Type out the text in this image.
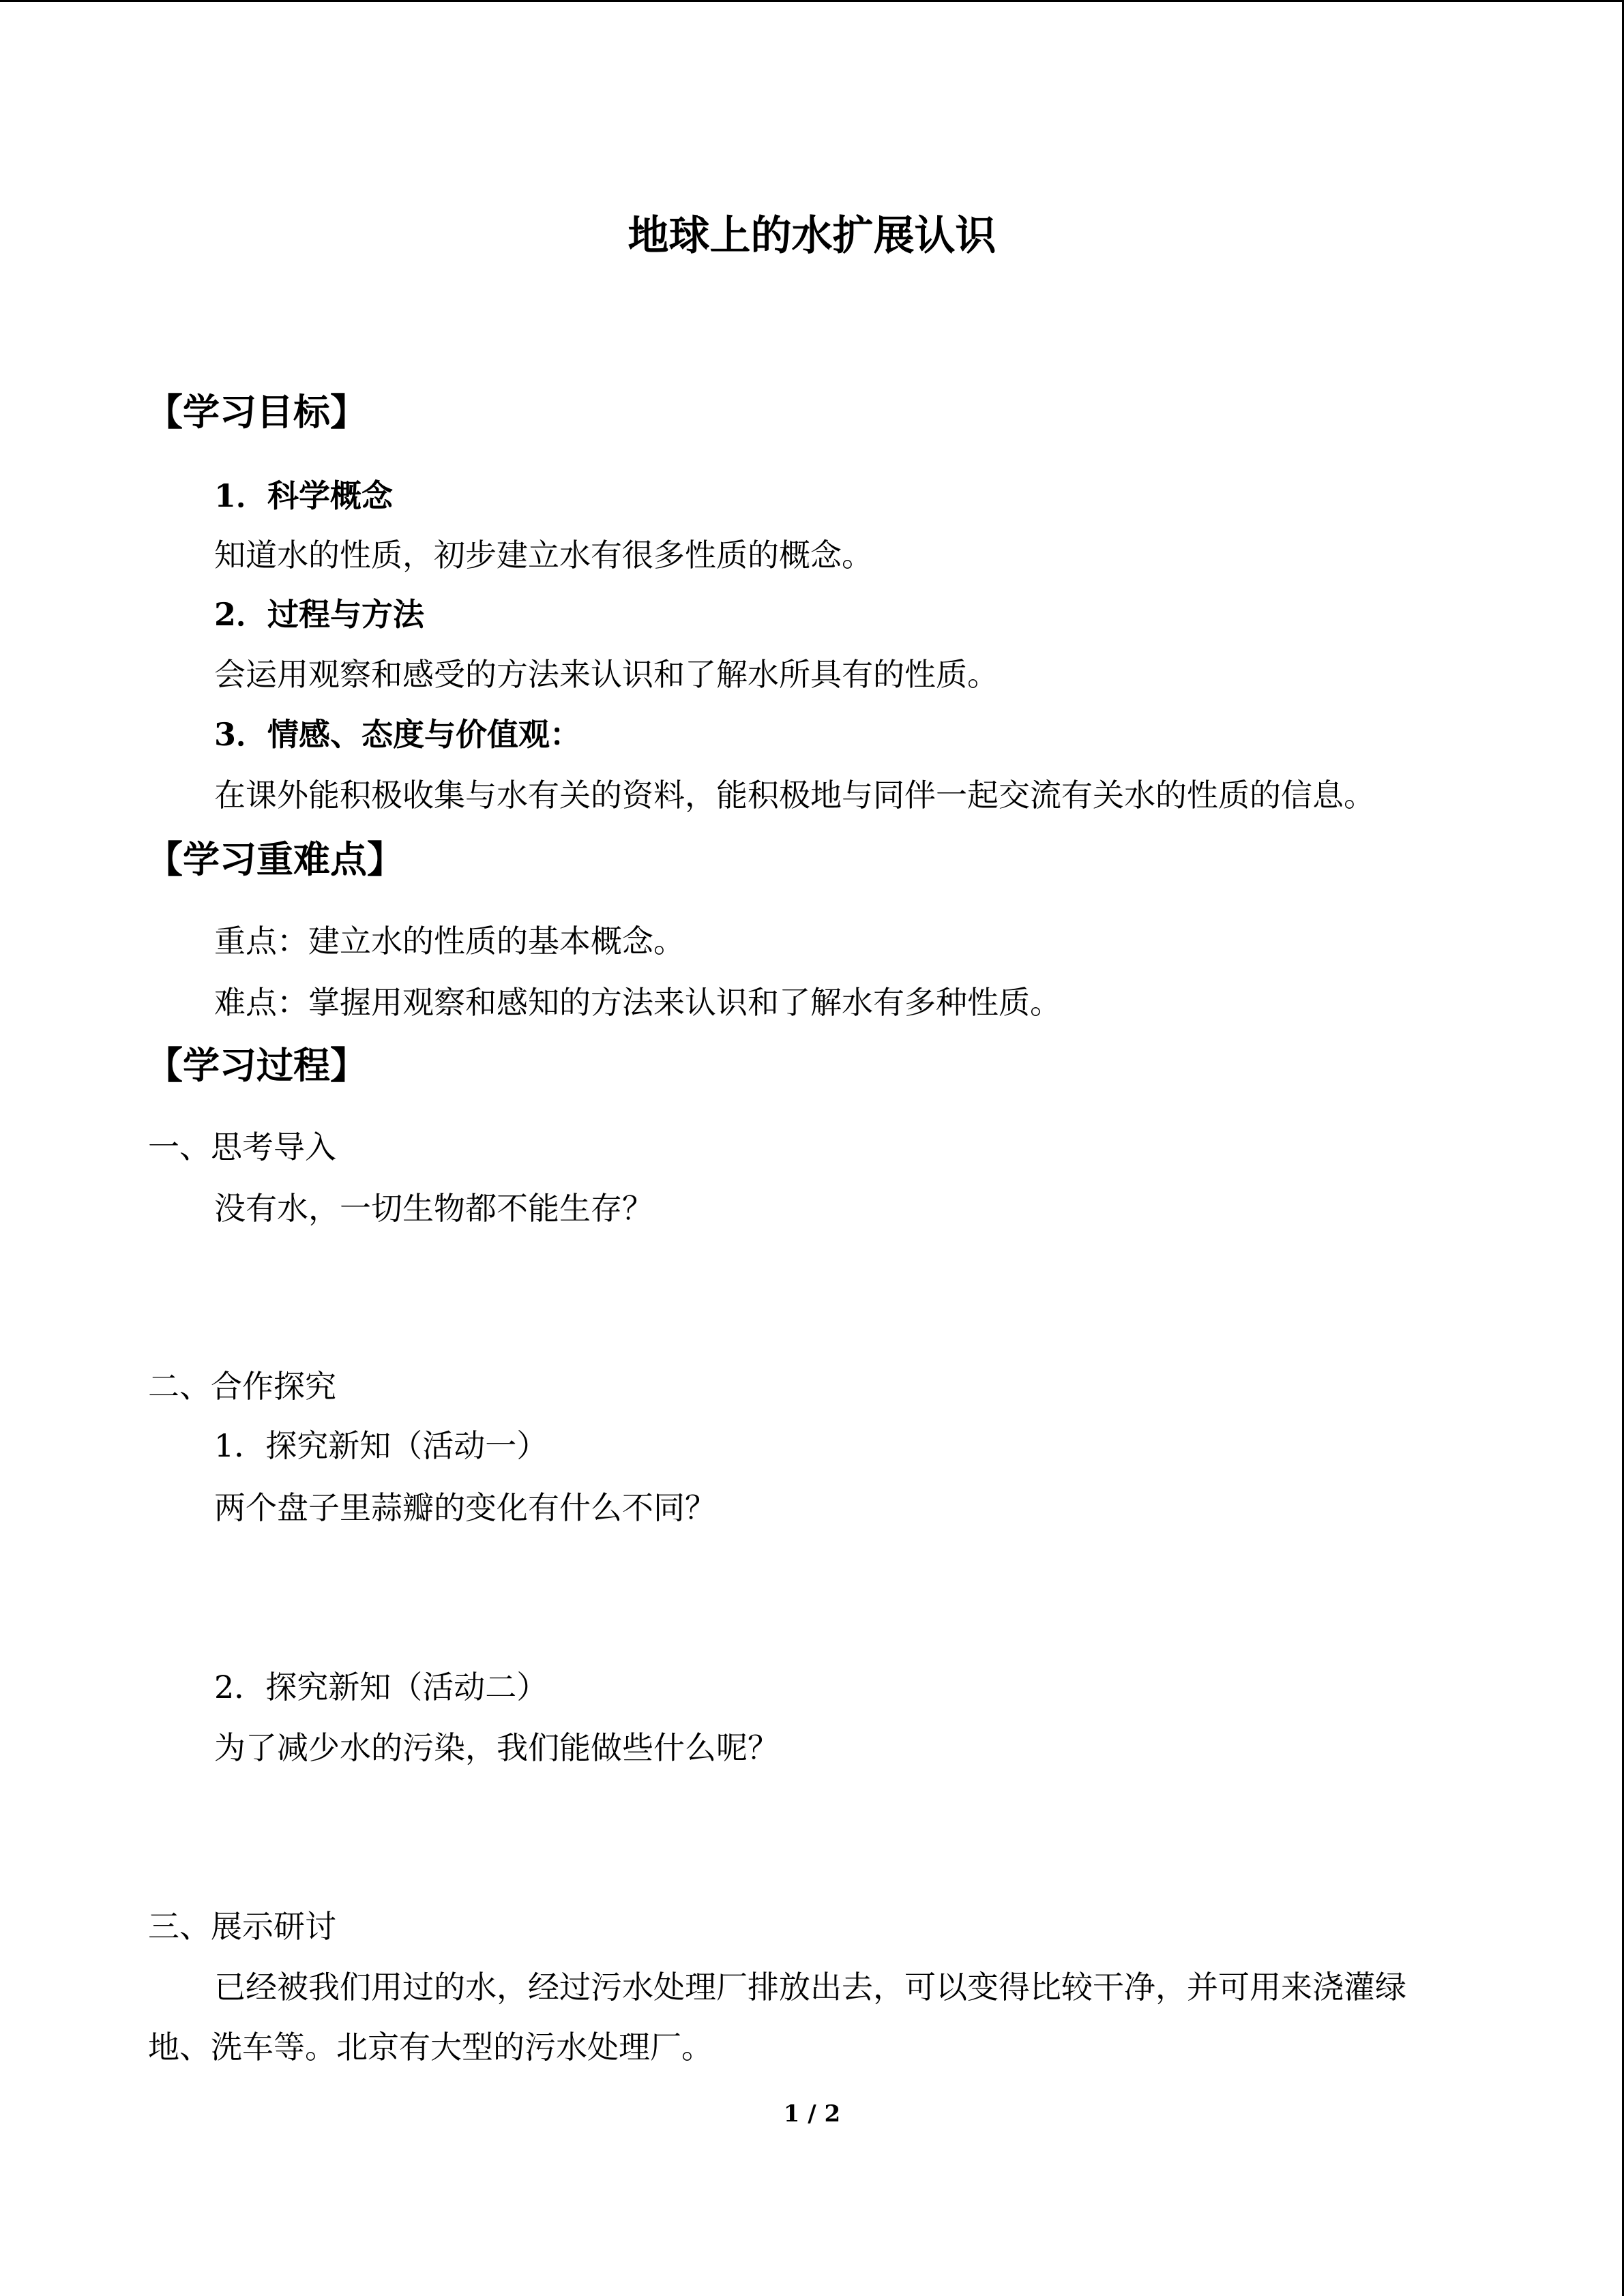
地球上的水扩展认识
【学习目标】
1．科学概念
知道水的性质，初步建立水有很多性质的概念。
2．过程与方法
会运用观察和感受的方法来认识和了解水所具有的性质。
3．情感、态度与价值观：
在课外能积极收集与水有关的资料，能积极地与同伴一起交流有关水的性质的信息。
【学习重难点】
重点：建立水的性质的基本概念。
难点：掌握用观察和感知的方法来认识和了解水有多种性质。
【学习过程】
一、思考导入
没有水，一切生物都不能生存？
二、合作探究
1．探究新知（活动一）
两个盘子里蒜瓣的变化有什么不同？
2．探究新知（活动二）
为了减少水的污染，我们能做些什么呢？
三、展示研讨
已经被我们用过的水，经过污水处理厂排放出去，可以变得比较干净，并可用来浇灌绿
地、洗车等。北京有大型的污水处理厂。
1 / 2
